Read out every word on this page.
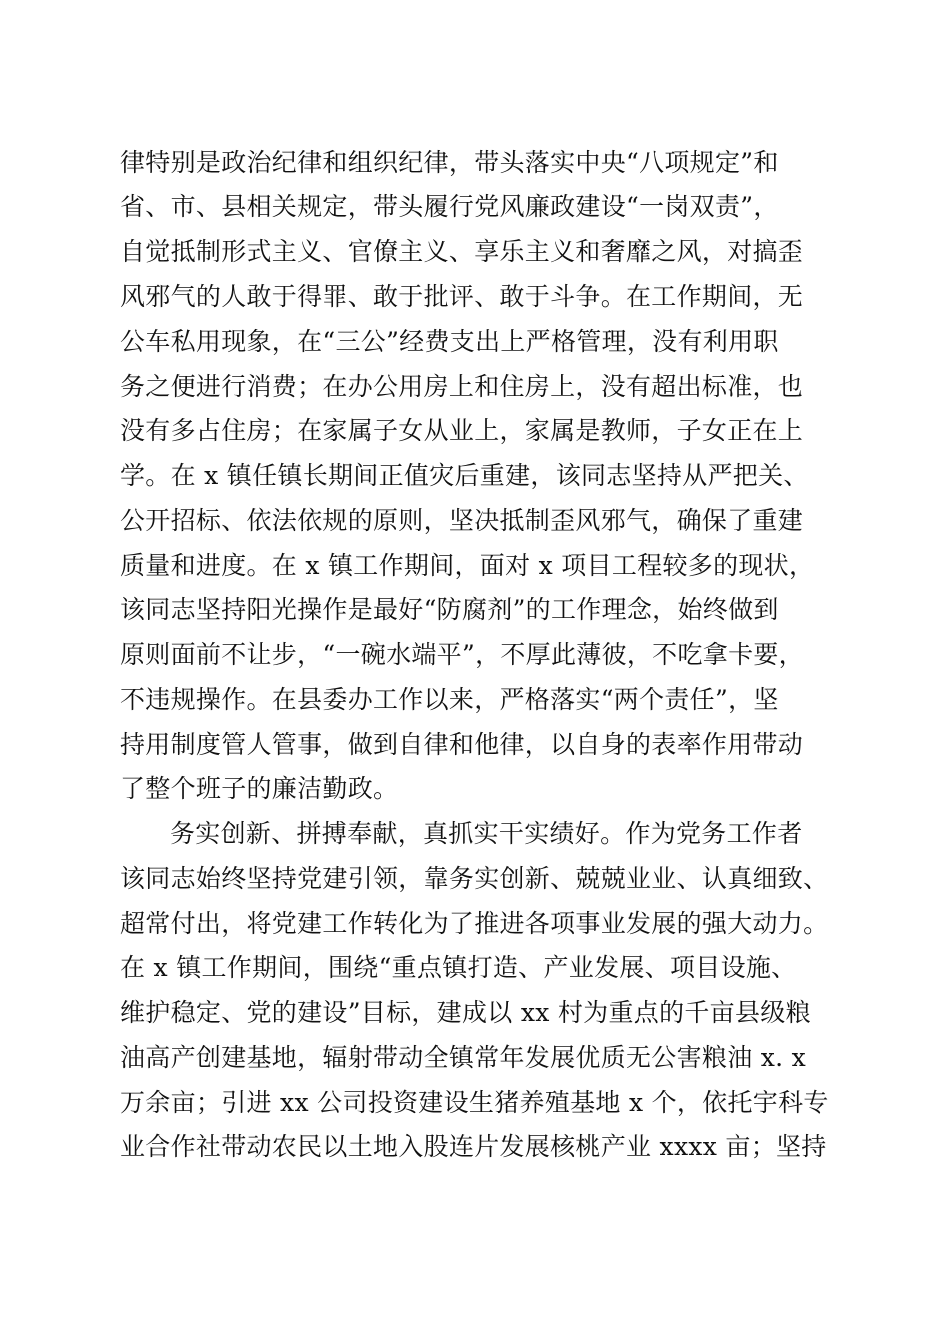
律特别是政治纪律和组织纪律，带头落实中央“八项规定”和
省、市、县相关规定，带头履行党风廉政建设“一岗双责”，
自觉抵制形式主义、官僚主义、享乐主义和奢靡之风，对搞歪
风邪气的人敢于得罪、敢于批评、敢于斗争。在工作期间，无
公车私用现象，在“三公”经费支出上严格管理，没有利用职
务之便进行消费；在办公用房上和住房上，没有超出标准，也
没有多占住房；在家属子女从业上，家属是教师，子女正在上
学。在 x 镇任镇长期间正值灾后重建，该同志坚持从严把关、
公开招标、依法依规的原则，坚决抵制歪风邪气，确保了重建
质量和进度。在 x 镇工作期间，面对 x 项目工程较多的现状，
该同志坚持阳光操作是最好“防腐剂”的工作理念，始终做到
原则面前不让步，“一碗水端平”，不厚此薄彼，不吃拿卡要，
不违规操作。在县委办工作以来，严格落实“两个责任”，坚
持用制度管人管事，做到自律和他律，以自身的表率作用带动
了整个班子的廉洁勤政。
务实创新、拼搏奉献，真抓实干实绩好。作为党务工作者
该同志始终坚持党建引领，靠务实创新、兢兢业业、认真细致、
超常付出，将党建工作转化为了推进各项事业发展的强大动力。
在 x 镇工作期间，围绕“重点镇打造、产业发展、项目设施、
维护稳定、党的建设”目标，建成以 xx 村为重点的千亩县级粮
油高产创建基地，辐射带动全镇常年发展优质无公害粮油 x. x
万余亩；引进 xx 公司投资建设生猪养殖基地 x 个，依托宇科专
业合作社带动农民以土地入股连片发展核桃产业 xxxx 亩；坚持
